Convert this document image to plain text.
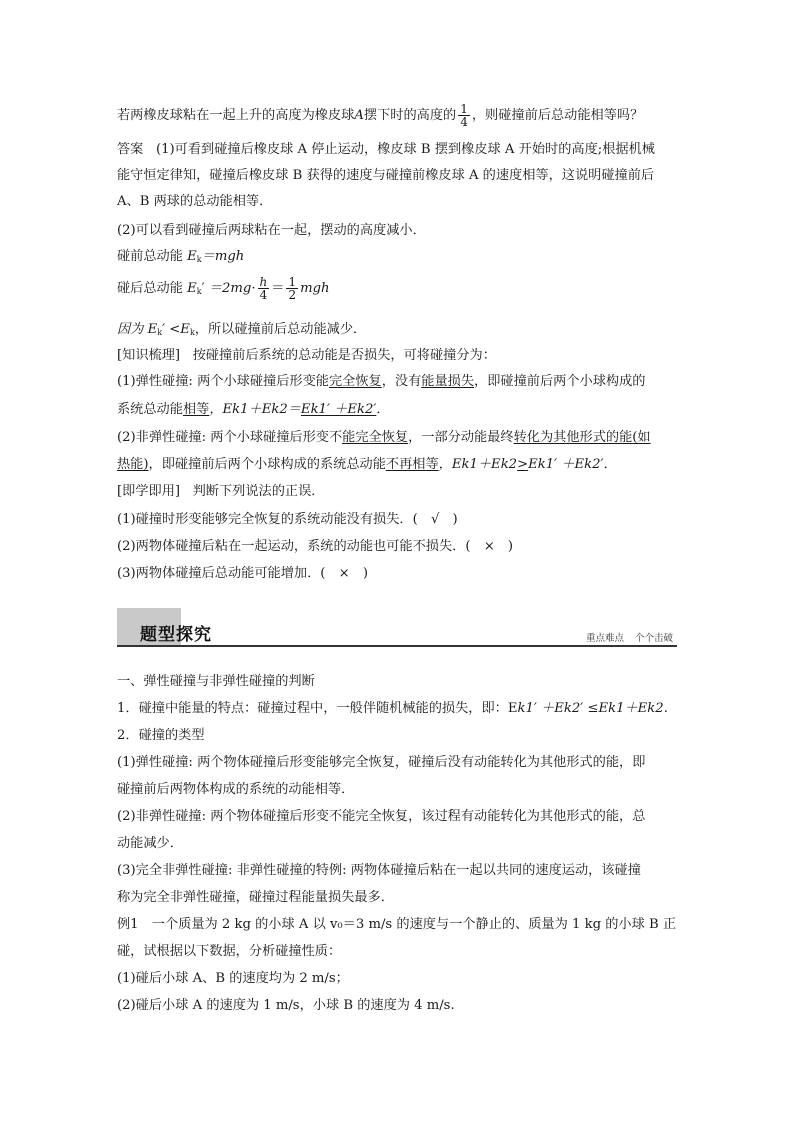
若两橡皮球粘在一起上升的高度为橡皮球A摆下时的高度的 $\frac{1}{4}$ ，则碰撞前后总动能相等吗？
答案 (1)可看到碰撞后橡皮球 A 停止运动，橡皮球 B 摆到橡皮球 A 开始时的高度;根据机械
能守恒定律知，碰撞后橡皮球 B 获得的速度与碰撞前橡皮球 A 的速度相等，这说明碰撞前后
A、B 两球的总动能相等．
(2)可以看到碰撞后两球粘在一起，摆动的高度减小．
碰前总动能 $E_k=mgh$
碰后总动能 $E_k' =2mg\cdot \frac{h}{4} = \frac{1}{2}$ mgh
因为 $E_k' <E_k$，所以碰撞前后总动能减少．
[知识梳理] 按碰撞前后系统的总动能是否损失，可将碰撞分为：
(1)弹性碰撞: 两个小球碰撞后形变能完全恢复，没有能量损失，即碰撞前后两个小球构成的
系统总动能相等，Ek1＋Ek2＝Ek1′ ＋Ek2′．
(2)非弹性碰撞: 两个小球碰撞后形变不能完全恢复，一部分动能最终转化为其他形式的能(如
热能)，即碰撞前后两个小球构成的系统总动能不再相等，Ek1＋Ek2>Ek1′ ＋Ek2′．
[即学即用] 判断下列说法的正误．
(1)碰撞时形变能够完全恢复的系统动能没有损失．(　√　)
(2)两物体碰撞后粘在一起运动，系统的动能也可能不损失．(　×　)
(3)两物体碰撞后总动能可能增加．(　×　)
题型探究	重点难点 个个击破
一、弹性碰撞与非弹性碰撞的判断
1．碰撞中能量的特点：碰撞过程中，一般伴随机械能的损失，即：Ek1′ ＋Ek2′ ≤Ek1＋Ek2.
2．碰撞的类型
(1)弹性碰撞: 两个物体碰撞后形变能够完全恢复，碰撞后没有动能转化为其他形式的能，即
碰撞前后两物体构成的系统的动能相等．
(2)非弹性碰撞: 两个物体碰撞后形变不能完全恢复，该过程有动能转化为其他形式的能，总
动能减少．
(3)完全非弹性碰撞: 非弹性碰撞的特例: 两物体碰撞后粘在一起以共同的速度运动，该碰撞
称为完全非弹性碰撞，碰撞过程能量损失最多．
例1　一个质量为 2 kg 的小球 A 以 v₀＝3 m/s 的速度与一个静止的、质量为 1 kg 的小球 B 正
碰，试根据以下数据，分析碰撞性质：
(1)碰后小球 A、B 的速度均为 2 m/s；
(2)碰后小球 A 的速度为 1 m/s，小球 B 的速度为 4 m/s.
